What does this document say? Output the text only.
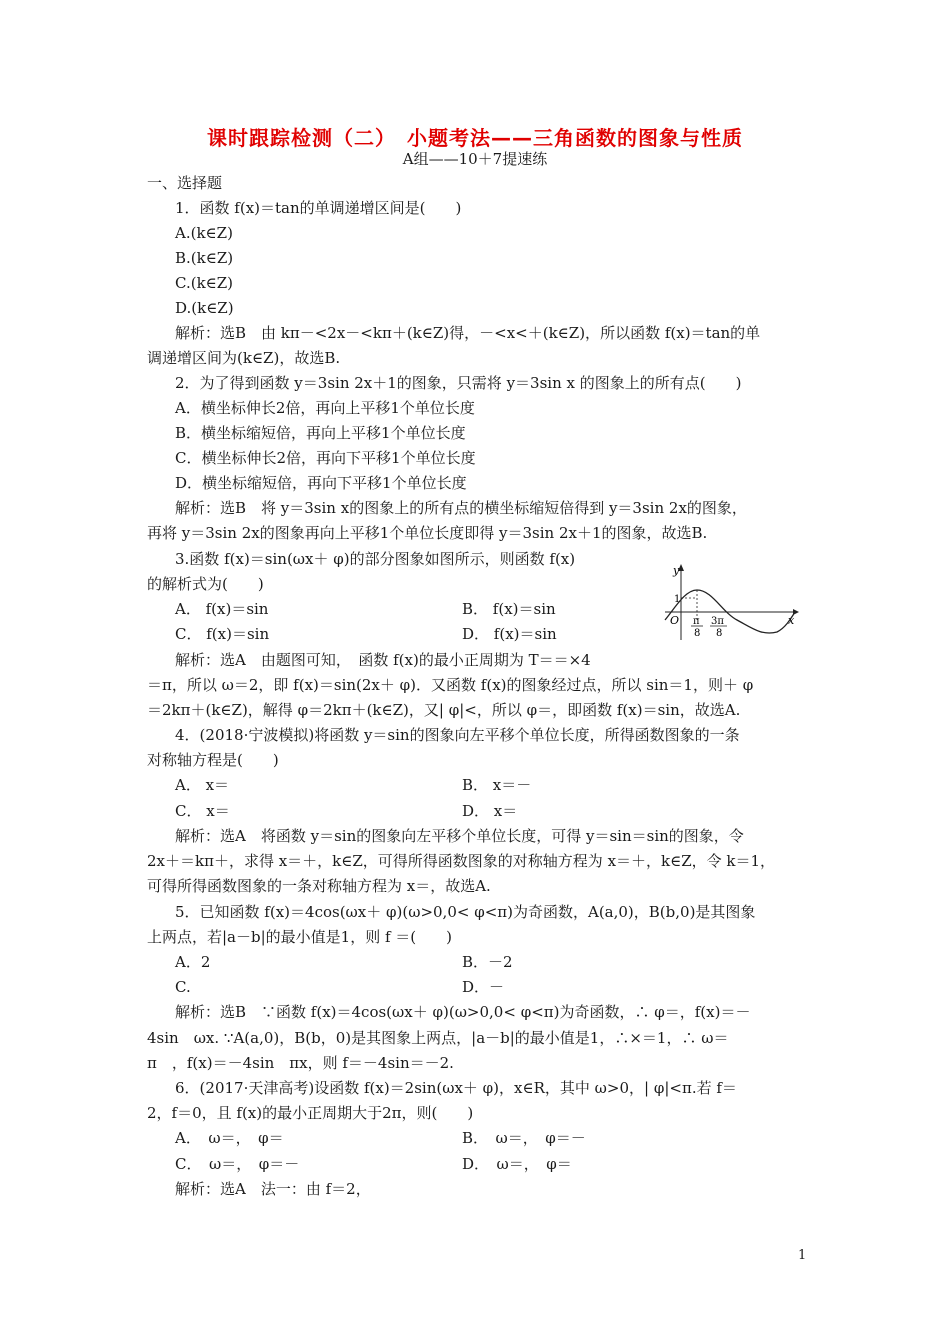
课时跟踪检测（二）　小题考法——三角函数的图象与性质
A组——10＋7提速练
一、选择题
1．函数 f(x)＝tan的单调递增区间是(　　)
A.(k∈Z)
B.(k∈Z)
C.(k∈Z)
D.(k∈Z)
解析：选B　由 kπ－<2x－<kπ＋(k∈Z)得，－<x<＋(k∈Z)，所以函数 f(x)＝tan的单
调递增区间为(k∈Z)，故选B.
2．为了得到函数 y＝3sin 2x＋1的图象，只需将 y＝3sin x 的图象上的所有点(　　)
A．横坐标伸长2倍，再向上平移1个单位长度
B．横坐标缩短倍，再向上平移1个单位长度
C．横坐标伸长2倍，再向下平移1个单位长度
D．横坐标缩短倍，再向下平移1个单位长度
解析：选B　将 y＝3sin x的图象上的所有点的横坐标缩短倍得到 y＝3sin 2x的图象，
再将 y＝3sin 2x的图象再向上平移1个单位长度即得 y＝3sin 2x＋1的图象，故选B.
3.函数 f(x)＝sin(ωx＋ φ)的部分图象如图所示，则函数 f(x)
的解析式为(　　)
A． f(x)＝sin	B． f(x)＝sin
C． f(x)＝sin	D． f(x)＝sin
解析：选A　由题图可知，　函数 f(x)的最小正周期为 T＝＝×4
＝π，所以 ω＝2，即 f(x)＝sin(2x＋ φ)．又函数 f(x)的图象经过点，所以 sin＝1，则＋ φ
＝2kπ＋(k∈Z)，解得 φ＝2kπ＋(k∈Z)，又| φ|<，所以 φ＝，即函数 f(x)＝sin，故选A.
y
x
O
1
π
8
3π
8
4．(2018·宁波模拟)将函数 y＝sin的图象向左平移个单位长度，所得函数图象的一条
对称轴方程是(　　)
A． x＝	B． x＝－
C． x＝	D． x＝
解析：选A　将函数 y＝sin的图象向左平移个单位长度，可得 y＝sin＝sin的图象，令
2x＋＝kπ＋，求得 x＝＋，k∈Z，可得所得函数图象的对称轴方程为 x＝＋，k∈Z，令 k＝1，
可得所得函数图象的一条对称轴方程为 x＝，故选A.
5．已知函数 f(x)＝4cos(ωx＋ φ)(ω>0,0< φ<π)为奇函数，A(a,0)，B(b,0)是其图象
上两点，若|a－b|的最小值是1，则 f ＝(　　)
A．2	B．－2
C.	D．－
解析：选B　∵函数 f(x)＝4cos(ωx＋ φ)(ω>0,0< φ<π)为奇函数，∴ φ＝，f(x)＝－
4sin　ωx. ∵A(a,0)，B(b，0)是其图象上两点，|a－b|的最小值是1，∴×＝1，∴ ω＝
π　，f(x)＝－4sin　πx，则 f＝－4sin＝－2.
6．(2017·天津高考)设函数 f(x)＝2sin(ωx＋ φ)，x∈R，其中 ω>0，| φ|<π.若 f＝
2，f＝0，且 f(x)的最小正周期大于2π，则(　　)
A．　ω＝，　φ＝	B．　ω＝，　φ＝－
C．　ω＝，　φ＝－	D．　ω＝，　φ＝
解析：选A　法一：由 f＝2，
1
